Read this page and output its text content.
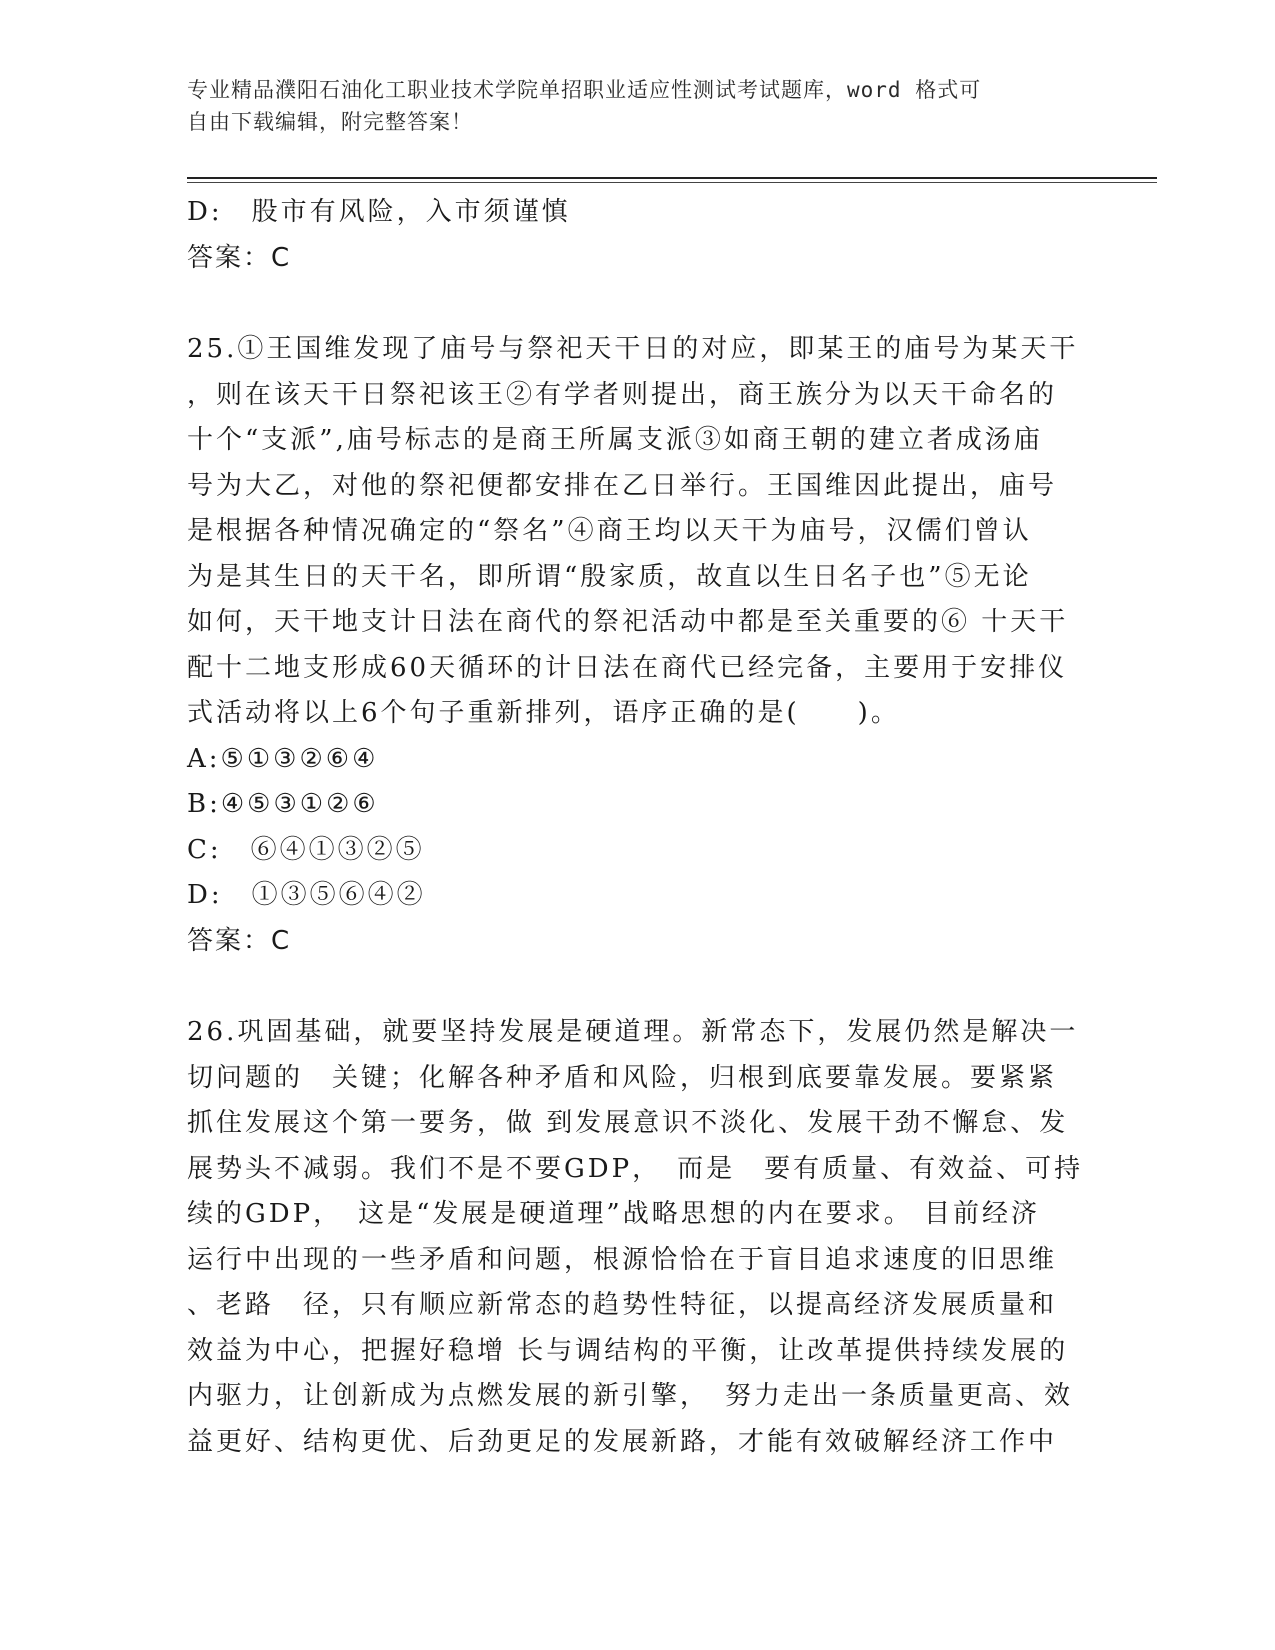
专业精品濮阳石油化工职业技术学院单招职业适应性测试考试题库，word 格式可
自由下载编辑，附完整答案！
D:　股市有风险，入市须谨慎
答案：C
25.①王国维发现了庙号与祭祀天干日的对应，即某王的庙号为某天干
，则在该天干日祭祀该王②有学者则提出，商王族分为以天干命名的
十个“支派”,庙号标志的是商王所属支派③如商王朝的建立者成汤庙
号为大乙，对他的祭祀便都安排在乙日举行。王国维因此提出，庙号
是根据各种情况确定的“祭名”④商王均以天干为庙号，汉儒们曾认
为是其生日的天干名，即所谓“殷家质，故直以生日名子也”⑤无论
如何，天干地支计日法在商代的祭祀活动中都是至关重要的⑥ 十天干
配十二地支形成60天循环的计日法在商代已经完备，主要用于安排仪
式活动将以上6个句子重新排列，语序正确的是(　　)。
A:⑤①③②⑥④
B:④⑤③①②⑥
C:　⑥④①③②⑤
D:　①③⑤⑥④②
答案：C
26.巩固基础，就要坚持发展是硬道理。新常态下，发展仍然是解决一
切问题的　关键；化解各种矛盾和风险，归根到底要靠发展。要紧紧
抓住发展这个第一要务，做 到发展意识不淡化、发展干劲不懈怠、发
展势头不减弱。我们不是不要GDP，　而是　要有质量、有效益、可持
续的GDP，　这是“发展是硬道理”战略思想的内在要求。 目前经济
运行中出现的一些矛盾和问题，根源恰恰在于盲目追求速度的旧思维
、老路　径，只有顺应新常态的趋势性特征，以提高经济发展质量和
效益为中心，把握好稳增 长与调结构的平衡，让改革提供持续发展的
内驱力，让创新成为点燃发展的新引擎，　努力走出一条质量更高、效
益更好、结构更优、后劲更足的发展新路，才能有效破解经济工作中
